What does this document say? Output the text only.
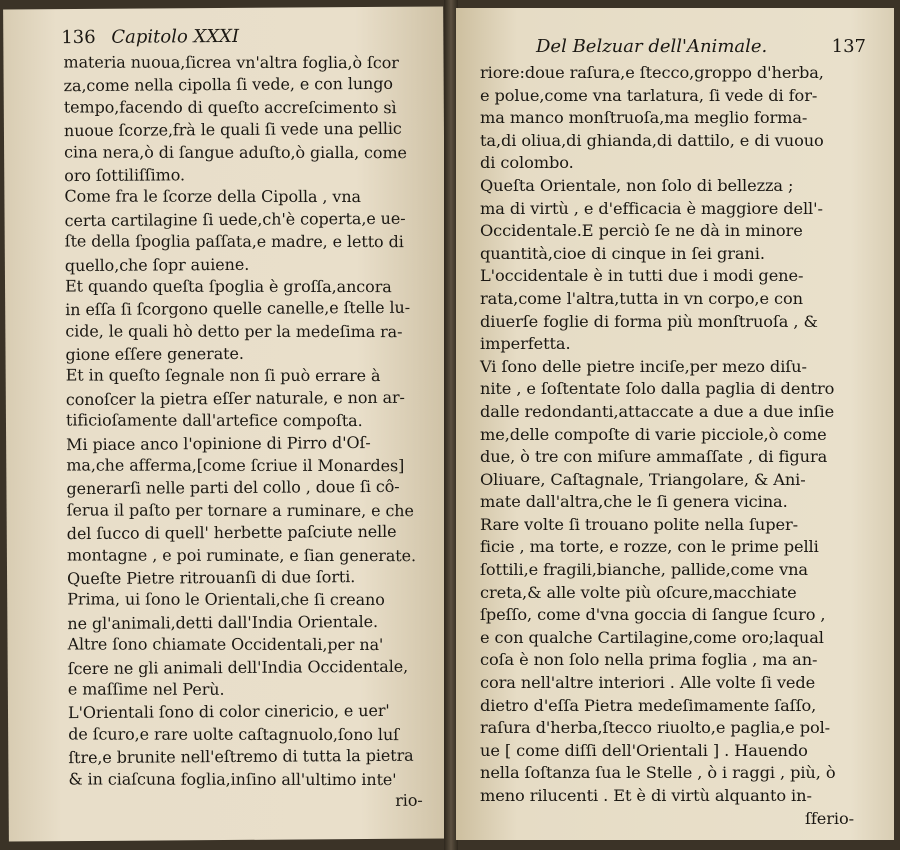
136 Capitolo XXXI
materia nuoua,ſicrea vn'altra foglia,ò ſcor
za,come nella cipolla ſi vede, e con lungo
tempo,facendo di queſto accreſcimento sì
nuoue ſcorze,frà le quali ſi vede una pellic
cina nera,ò di ſangue aduſto,ò gialla, come
oro ſottiliſſimo.
Come fra le ſcorze della Cipolla , vna
certa cartilagine ſi uede,ch'è coperta,e ue-
ſte della ſpoglia paſſata,e madre, e letto di
quello,che ſopr auiene.
Et quando queſta ſpoglia è groſſa,ancora
in eſſa ſi ſcorgono quelle canelle,e ſtelle lu-
cide, le quali hò detto per la medeſima ra-
gione eſſere generate.
Et in queſto ſegnale non ſi può errare à
conoſcer la pietra eſſer naturale, e non ar-
tificioſamente dall'artefice compoſta.
Mi piace anco l'opinione di Pirro d'Oſ-
ma,che afferma,[come ſcriue il Monardes]
generarſi nelle parti del collo , doue ſi cô-
ſerua il paſto per tornare a ruminare, e che
del ſucco di quell' herbette paſciute nelle
montagne , e poi ruminate, e ſian generate.
Queſte Pietre ritrouanſi di due ſorti.
Prima, ui ſono le Orientali,che ſi creano
ne gl'animali,detti dall'India Orientale.
Altre ſono chiamate Occidentali,per na'
ſcere ne gli animali dell'India Occidentale,
e maſſime nel Perù.
L'Orientali ſono di color cinericio, e uer'
de ſcuro,e rare uolte caſtagnuolo,ſono luſ
ſtre,e brunite nell'eſtremo di tutta la pietra
& in ciaſcuna foglia,inſino all'ultimo inte'
rio-
Del Belzuar dell'Animale.	137
riore:doue raſura,e ſtecco,groppo d'herba,
e polue,come vna tarlatura, ſi vede di for-
ma manco monſtruoſa,ma meglio forma-
ta,di oliua,di ghianda,di dattilo, e di vuouo
di colombo.
Queſta Orientale, non ſolo di bellezza ;
ma di virtù , e d'efficacia è maggiore dell'-
Occidentale.E perciò ſe ne dà in minore
quantità,cioe di cinque in ſei grani.
L'occidentale è in tutti due i modi gene-
rata,come l'altra,tutta in vn corpo,e con
diuerſe foglie di forma più monſtruoſa , &
imperfetta.
Vi ſono delle pietre inciſe,per mezo diſu-
nite , e ſoſtentate ſolo dalla paglia di dentro
dalle redondanti,attaccate a due a due inſie
me,delle compoſte di varie picciole,ò come
due, ò tre con miſure ammaſſate , di figura
Oliuare, Caſtagnale, Triangolare, & Ani-
mate dall'altra,che le ſi genera vicina.
Rare volte ſi trouano polite nella ſuper-
ficie , ma torte, e rozze, con le prime pelli
ſottili,e fragili,bianche, pallide,come vna
creta,& alle volte più oſcure,macchiate
ſpeſſo, come d'vna goccia di ſangue ſcuro ,
e con qualche Cartilagine,come oro;laqual
coſa è non ſolo nella prima foglia , ma an-
cora nell'altre interiori . Alle volte ſi vede
dietro d'eſſa Pietra medeſimamente ſaſſo,
raſura d'herba,ſtecco riuolto,e paglia,e pol-
ue [ come diſſi dell'Orientali ] . Hauendo
nella ſoſtanza ſua le Stelle , ò i raggi , più, ò
meno rilucenti . Et è di virtù alquanto in-
ſferio-
